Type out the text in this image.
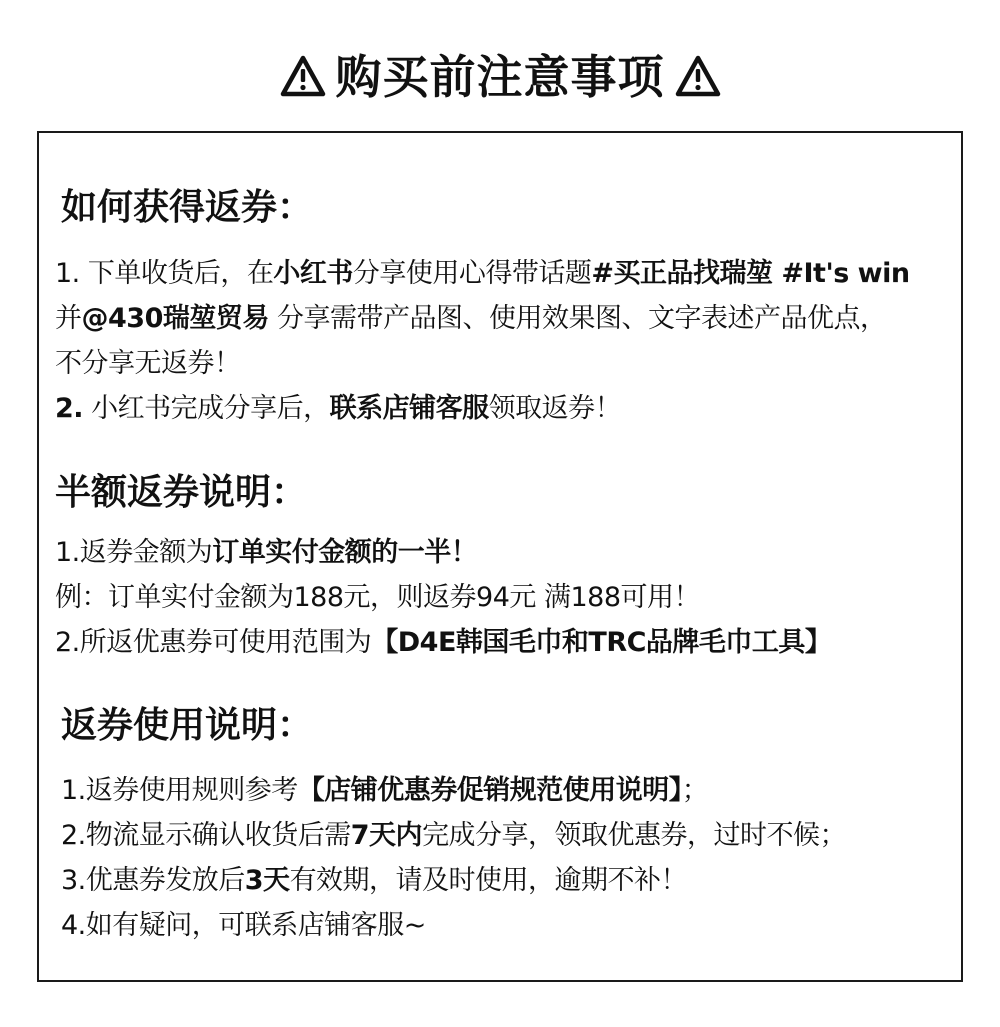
购买前注意事项
如何获得返券：
1. 下单收货后，在小红书分享使用心得带话题#买正品找瑞堃 #It's win
并@430瑞堃贸易 分享需带产品图、使用效果图、文字表述产品优点，
不分享无返券！
2. 小红书完成分享后，联系店铺客服领取返券！
半额返券说明：
1.返券金额为订单实付金额的一半！
例：订单实付金额为188元，则返券94元 满188可用！
2.所返优惠券可使用范围为【D4E韩国毛巾和TRC品牌毛巾工具】
返券使用说明：
1.返券使用规则参考【店铺优惠券促销规范使用说明】；
2.物流显示确认收货后需7天内完成分享，领取优惠券，过时不候；
3.优惠券发放后3天有效期，请及时使用，逾期不补！
4.如有疑问，可联系店铺客服~
